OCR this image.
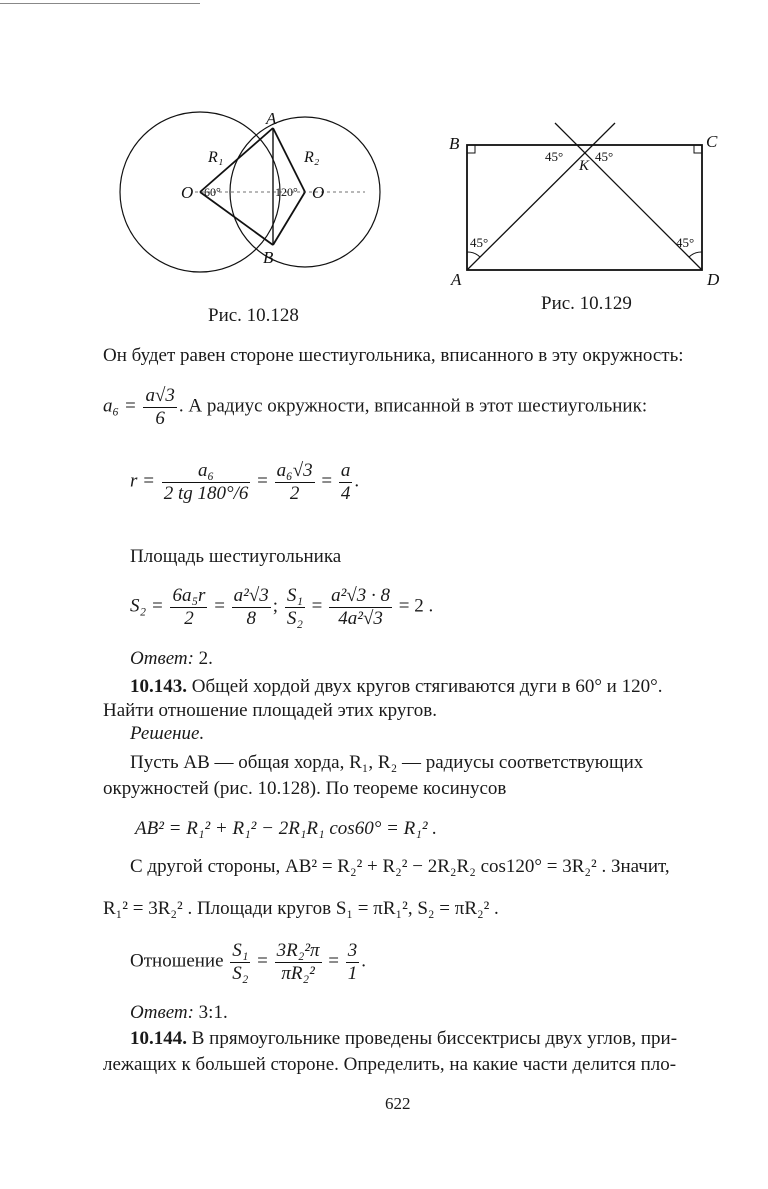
A
B
O	O
R₁	R₂
60°	120°
Рис. 10.128
B	C
A	D
K
45° 45°
45°	45°
Рис. 10.129
Он будет равен стороне шестиугольника, вписанного в эту окружность:
$a_6 = \frac{a√3}{6}$ . А радиус окружности, вписанной в этот шестиугольник:
$r = \frac{\text{a₆}}{2 tg 180^\circ/6} = \frac{\text{a₆√3}}{2} = \frac{a}{4}$ .
Площадь шестиугольника
$S_2 = \frac{\text{6a₅r}}{2} = \frac{\text{a²√3}}{8}$ ; $\frac{\text{S₁}}{\text{S₂}} = \frac{\text{a²√3 · 8}}{\text{4a²√3}} = 2$ .
Ответ: 2.
10.143. Общей хордой двух кругов стягиваются дуги в 60° и 120°.
Найти отношение площадей этих кругов.
Решение.
Пусть AB — общая хорда, R₁, R₂ — радиусы соответствующих
окружностей (рис. 10.128). По теореме косинусов
AB² = R₁² + R₁² − 2R₁R₁ cos60° = R₁² .
С другой стороны, AB² = R₂² + R₂² − 2R₂R₂ cos120° = 3R₂² . Значит,
R₁² = 3R₂² . Площади кругов S₁ = πR₁², S₂ = πR₂² .
Отношение $\frac{\text{S₁}}{\text{S₂}} = \frac{\text{3R₂²π}}{\text{πR₂²}} = \frac{3}{1}$ .
Ответ: 3:1.
10.144. В прямоугольнике проведены биссектрисы двух углов, при-
лежащих к большей стороне. Определить, на какие части делится пло-
622
